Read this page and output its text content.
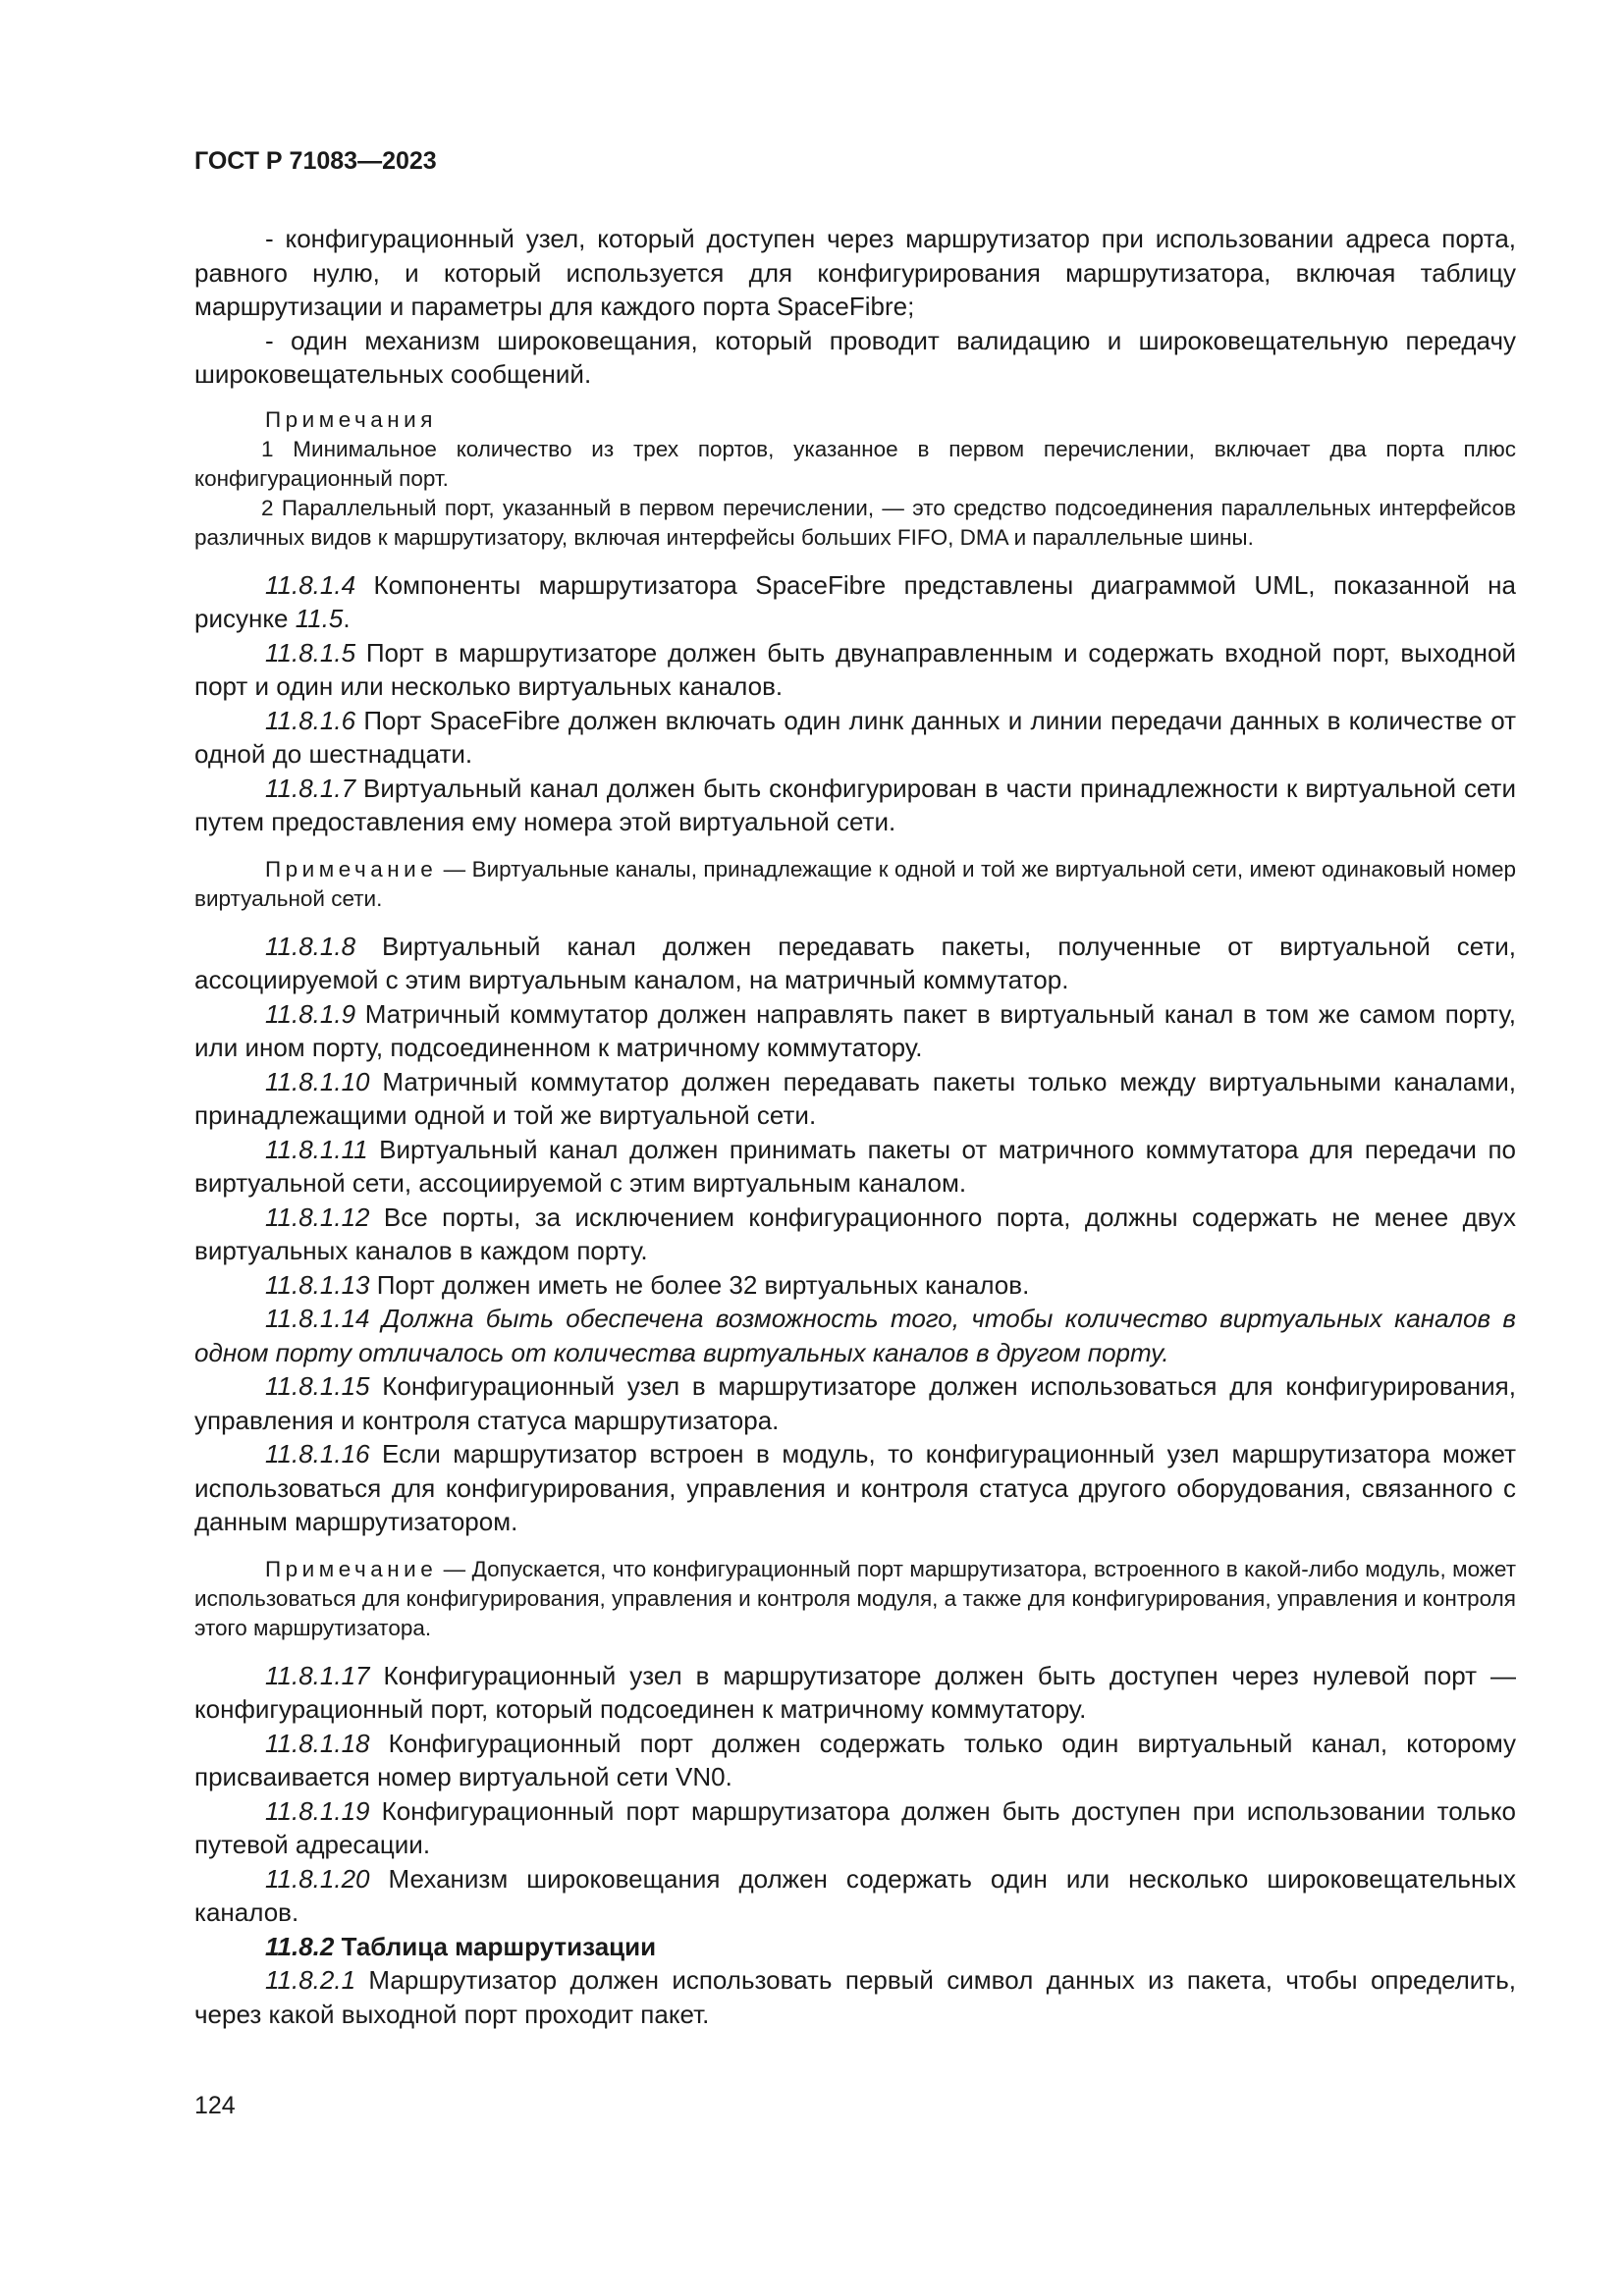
ГОСТ Р 71083—2023

- конфигурационный узел, который доступен через маршрутизатор при использовании адреса порта, равного нулю, и который используется для конфигурирования маршрутизатора, включая таблицу маршрутизации и параметры для каждого порта SpaceFibre;

- один механизм широковещания, который проводит валидацию и широковещательную передачу широковещательных сообщений.

Примечания

1 Минимальное количество из трех портов, указанное в первом перечислении, включает два порта плюс конфигурационный порт.

2 Параллельный порт, указанный в первом перечислении, — это средство подсоединения параллельных интерфейсов различных видов к маршрутизатору, включая интерфейсы больших FIFO, DMA и параллельные шины.

11.8.1.4 Компоненты маршрутизатора SpaceFibre представлены диаграммой UML, показанной на рисунке 11.5.

11.8.1.5 Порт в маршрутизаторе должен быть двунаправленным и содержать входной порт, выходной порт и один или несколько виртуальных каналов.

11.8.1.6 Порт SpaceFibre должен включать один линк данных и линии передачи данных в количестве от одной до шестнадцати.

11.8.1.7 Виртуальный канал должен быть сконфигурирован в части принадлежности к виртуальной сети путем предоставления ему номера этой виртуальной сети.

Примечание — Виртуальные каналы, принадлежащие к одной и той же виртуальной сети, имеют одинаковый номер виртуальной сети.

11.8.1.8 Виртуальный канал должен передавать пакеты, полученные от виртуальной сети, ассоциируемой с этим виртуальным каналом, на матричный коммутатор.

11.8.1.9 Матричный коммутатор должен направлять пакет в виртуальный канал в том же самом порту, или ином порту, подсоединенном к матричному коммутатору.

11.8.1.10 Матричный коммутатор должен передавать пакеты только между виртуальными каналами, принадлежащими одной и той же виртуальной сети.

11.8.1.11 Виртуальный канал должен принимать пакеты от матричного коммутатора для передачи по виртуальной сети, ассоциируемой с этим виртуальным каналом.

11.8.1.12 Все порты, за исключением конфигурационного порта, должны содержать не менее двух виртуальных каналов в каждом порту.

11.8.1.13 Порт должен иметь не более 32 виртуальных каналов.

11.8.1.14 Должна быть обеспечена возможность того, чтобы количество виртуальных каналов в одном порту отличалось от количества виртуальных каналов в другом порту.

11.8.1.15 Конфигурационный узел в маршрутизаторе должен использоваться для конфигурирования, управления и контроля статуса маршрутизатора.

11.8.1.16 Если маршрутизатор встроен в модуль, то конфигурационный узел маршрутизатора может использоваться для конфигурирования, управления и контроля статуса другого оборудования, связанного с данным маршрутизатором.

Примечание — Допускается, что конфигурационный порт маршрутизатора, встроенного в какой-либо модуль, может использоваться для конфигурирования, управления и контроля модуля, а также для конфигурирования, управления и контроля этого маршрутизатора.

11.8.1.17 Конфигурационный узел в маршрутизаторе должен быть доступен через нулевой порт — конфигурационный порт, который подсоединен к матричному коммутатору.

11.8.1.18 Конфигурационный порт должен содержать только один виртуальный канал, которому присваивается номер виртуальной сети VN0.

11.8.1.19 Конфигурационный порт маршрутизатора должен быть доступен при использовании только путевой адресации.

11.8.1.20 Механизм широковещания должен содержать один или несколько широковещательных каналов.

11.8.2 Таблица маршрутизации

11.8.2.1 Маршрутизатор должен использовать первый символ данных из пакета, чтобы определить, через какой выходной порт проходит пакет.

124
